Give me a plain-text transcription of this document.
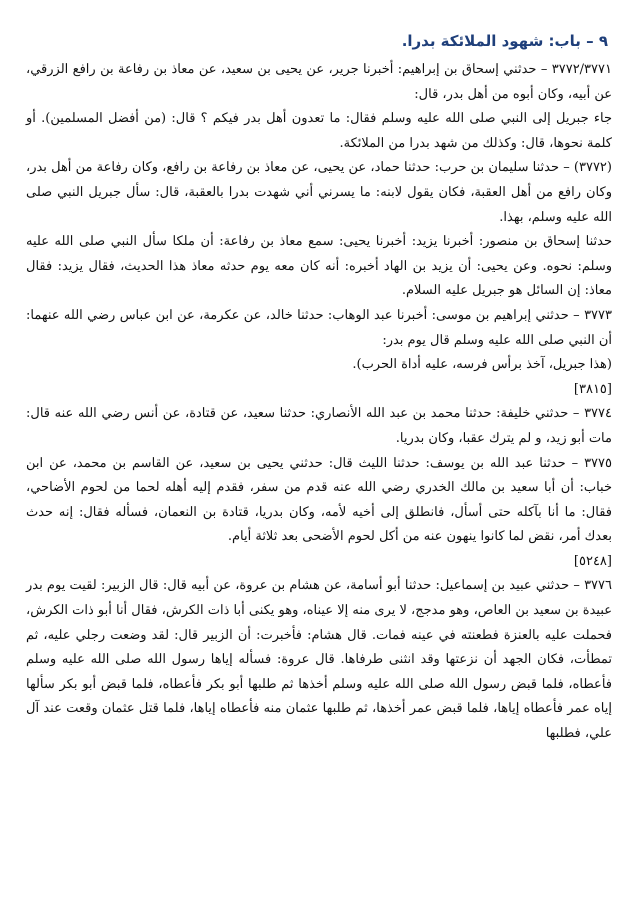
٩ – باب: شهود الملائكة بدرا.

٣٧٧٢/٣٧٧١ – حدثني إسحاق بن إبراهيم: أخبرنا جرير، عن يحيى بن سعيد، عن معاذ بن رفاعة بن رافع الزرقي، عن أبيه، وكان أبوه من أهل بدر، قال:

جاء جبريل إلى النبي صلى الله عليه وسلم فقال: ما تعدون أهل بدر فيكم ؟ قال: (من أفضل المسلمين). أو كلمة نحوها، قال: وكذلك من شهد بدرا من الملائكة.

(٣٧٧٢) – حدثنا سليمان بن حرب: حدثنا حماد، عن يحيى، عن معاذ بن رفاعة بن رافع، وكان رفاعة من أهل بدر، وكان رافع من أهل العقبة، فكان يقول لابنه: ما يسرني أني شهدت بدرا بالعقبة، قال: سأل جبريل النبي صلى الله عليه وسلم، بهذا.

حدثنا إسحاق بن منصور: أخبرنا يزيد: أخبرنا يحيى: سمع معاذ بن رفاعة: أن ملكا سأل النبي صلى الله عليه وسلم: نحوه. وعن يحيى: أن يزيد بن الهاد أخبره: أنه كان معه يوم حدثه معاذ هذا الحديث، فقال يزيد: فقال معاذ: إن السائل هو جبريل عليه السلام.

٣٧٧٣ – حدثني إبراهيم بن موسى: أخبرنا عبد الوهاب: حدثنا خالد، عن عكرمة، عن ابن عباس رضي الله عنهما: أن النبي صلى الله عليه وسلم قال يوم بدر:

(هذا جبريل، آخذ برأس فرسه، عليه أداة الحرب).

[٣٨١٥]

٣٧٧٤ – حدثني خليفة: حدثنا محمد بن عبد الله الأنصاري: حدثنا سعيد، عن قتادة، عن أنس رضي الله عنه قال: مات أبو زيد، و لم يترك عقبا، وكان بدريا.

٣٧٧٥ – حدثنا عبد الله بن يوسف: حدثنا الليث قال: حدثني يحيى بن سعيد، عن القاسم بن محمد، عن ابن خباب: أن أبا سعيد بن مالك الخدري رضي الله عنه قدم من سفر، فقدم إليه أهله لحما من لحوم الأضاحي، فقال: ما أنا بآكله حتى أسأل، فانطلق إلى أخيه لأمه، وكان بدريا، قتادة بن النعمان، فسأله فقال: إنه حدث بعدك أمر، نقض لما كانوا ينهون عنه من أكل لحوم الأضحى بعد ثلاثة أيام.

[٥٢٤٨]

٣٧٧٦ – حدثني عبيد بن إسماعيل: حدثنا أبو أسامة، عن هشام بن عروة، عن أبيه قال: قال الزبير: لقيت يوم بدر عبيدة بن سعيد بن العاص، وهو مدجج، لا يرى منه إلا عيناه، وهو يكنى أبا ذات الكرش، فقال أنا أبو ذات الكرش، فحملت عليه بالعنزة فطعنته في عينه فمات. قال هشام: فأخبرت: أن الزبير قال: لقد وضعت رجلي عليه، ثم تمطأت، فكان الجهد أن نزعتها وقد انثنى طرفاها. قال عروة: فسأله إياها رسول الله صلى الله عليه وسلم فأعطاه، فلما قبض رسول الله صلى الله عليه وسلم أخذها ثم طلبها أبو بكر فأعطاه، فلما قبض أبو بكر سألها إياه عمر فأعطاه إياها، فلما قبض عمر أخذها، ثم طلبها عثمان منه فأعطاه إياها، فلما قتل عثمان وقعت عند آل علي، فطلبها
